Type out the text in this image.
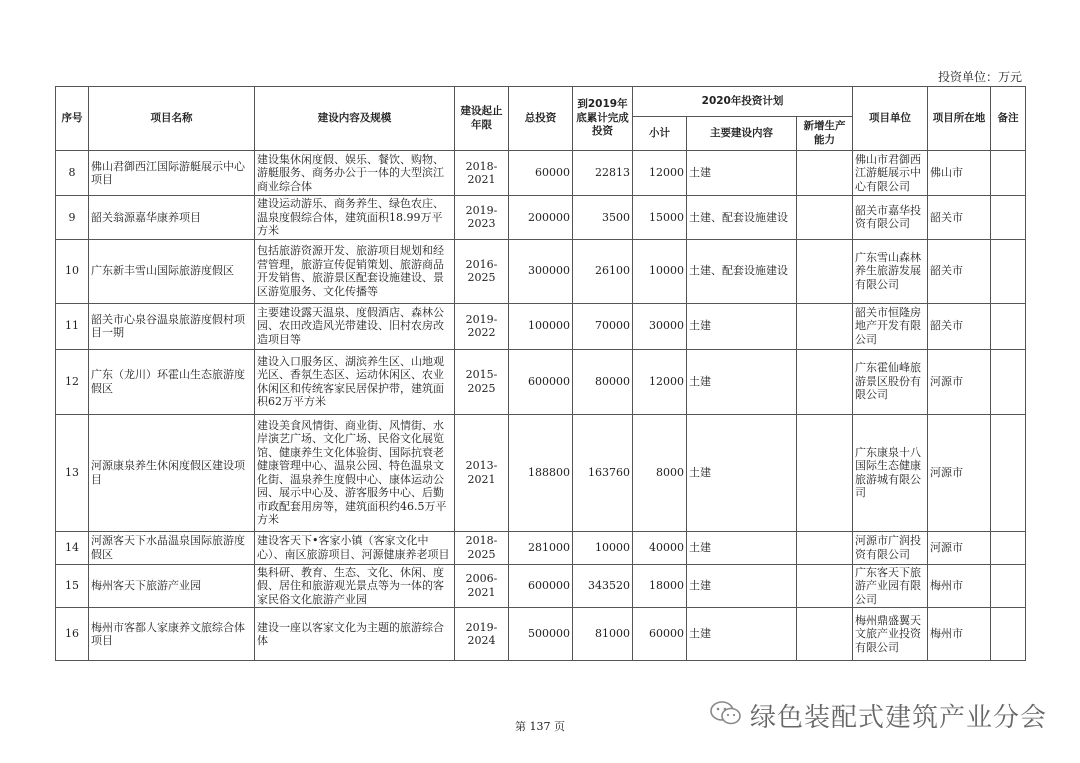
投资单位：万元
序号	项目名称	建设内容及规模	建设起止年限	总投资	到2019年底累计完成投资	2020年投资计划			项目单位	项目所在地	备注
						小计	主要建设内容	新增生产能力			
8	佛山君御西江国际游艇展示中心项目	建设集休闲度假、娱乐、餐饮、购物、游艇服务、商务办公于一体的大型滨江商业综合体	2018-2021	60000	22813	12000	土建		佛山市君御西江游艇展示中心有限公司	佛山市	
9	韶关翁源嘉华康养项目	建设运动游乐、商务养生、绿色农庄、温泉度假综合体，建筑面积18.99万平方米	2019-2023	200000	3500	15000	土建、配套设施建设		韶关市嘉华投资有限公司	韶关市	
10	广东新丰雪山国际旅游度假区	包括旅游资源开发、旅游项目规划和经营管理，旅游宣传促销策划、旅游商品开发销售、旅游景区配套设施建设、景区游览服务、文化传播等	2016-2025	300000	26100	10000	土建、配套设施建设		广东雪山森林养生旅游发展有限公司	韶关市	
11	韶关市心泉谷温泉旅游度假村项目一期	主要建设露天温泉、度假酒店、森林公园、农田改造风光带建设、旧村农房改造项目等	2019-2022	100000	70000	30000	土建		韶关市恒隆房地产开发有限公司	韶关市	
12	广东（龙川）环霍山生态旅游度假区	建设入口服务区、湖滨养生区、山地观光区、香氛生态区、运动休闲区、农业休闲区和传统客家民居保护带，建筑面积62万平方米	2015-2025	600000	80000	12000	土建		广东霍仙峰旅游景区股份有限公司	河源市	
13	河源康泉养生休闲度假区建设项目	建设美食风情街、商业街、风情街、水岸演艺广场、文化广场、民俗文化展览馆、健康养生文化体验街、国际抗衰老健康管理中心、温泉公园、特色温泉文化街、温泉养生度假中心、康体运动公园、展示中心及、游客服务中心、后勤市政配套用房等，建筑面积约46.5万平方米	2013-2021	188800	163760	8000	土建		广东康泉十八国际生态健康旅游城有限公司	河源市	
14	河源客天下水晶温泉国际旅游度假区	建设客天下•客家小镇（客家文化中心）、南区旅游项目、河源健康养老项目	2018-2025	281000	10000	40000	土建		河源市广润投资有限公司	河源市	
15	梅州客天下旅游产业园	集科研、教育、生态、文化、休闲、度假、居住和旅游观光景点等为一体的客家民俗文化旅游产业园	2006-2021	600000	343520	18000	土建		广东客天下旅游产业园有限公司	梅州市	
16	梅州市客都人家康养文旅综合体项目	建设一座以客家文化为主题的旅游综合体	2019-2024	500000	81000	60000	土建		梅州鼎盛翼天文旅产业投资有限公司	梅州市	
绿色装配式建筑产业分会
第 137 页
